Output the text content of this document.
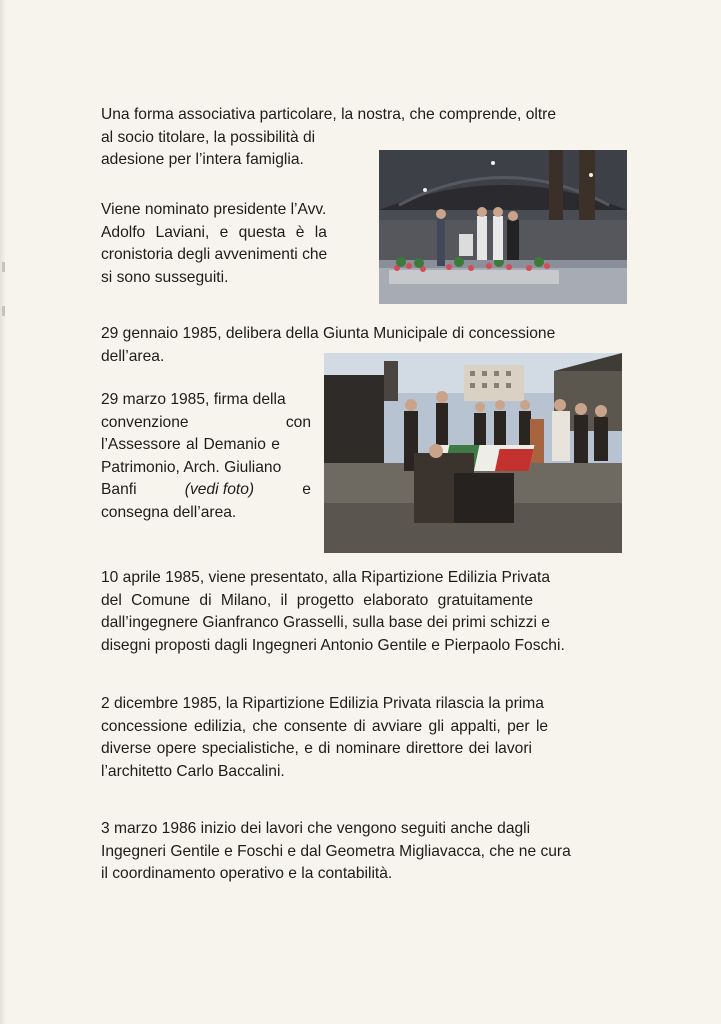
Una forma associativa particolare, la nostra, che comprende, oltre
al socio titolare, la possibilità di
adesione per l’intera famiglia.
Viene nominato presidente l’Avv.
Adolfo Laviani, e questa è la
cronistoria degli avvenimenti che
si sono susseguiti.
29 gennaio 1985, delibera della Giunta Municipale di concessione
dell’area.
29 marzo 1985, firma della
convenzione	con
l’Assessore al Demanio e
Patrimonio, Arch. Giuliano
Banfi	(vedi foto)	e
consegna dell’area.
10 aprile 1985, viene presentato, alla Ripartizione Edilizia Privata
del Comune di Milano, il progetto elaborato gratuitamente
dall’ingegnere Gianfranco Grasselli, sulla base dei primi schizzi e
disegni proposti dagli Ingegneri Antonio Gentile e Pierpaolo Foschi.
2 dicembre 1985, la Ripartizione Edilizia Privata rilascia la prima
concessione edilizia, che consente di avviare gli appalti, per le
diverse opere specialistiche, e di nominare direttore dei lavori
l’architetto Carlo Baccalini.
3 marzo 1986 inizio dei lavori che vengono seguiti anche dagli
Ingegneri Gentile e Foschi e dal Geometra Migliavacca, che ne cura
il coordinamento operativo e la contabilità.
